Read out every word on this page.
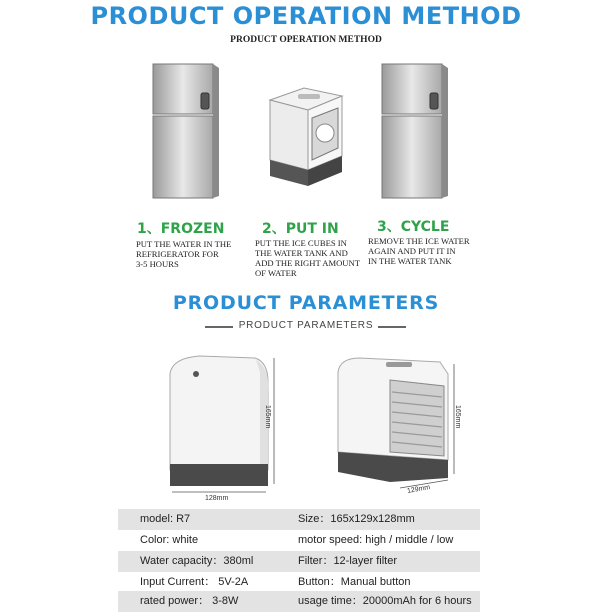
PRODUCT OPERATION METHOD
PRODUCT OPERATION METHOD
1、FROZEN
PUT THE WATER IN THE
REFRIGERATOR FOR
3-5 HOURS
2、PUT IN
PUT THE ICE CUBES IN
THE WATER TANK AND
ADD THE RIGHT AMOUNT
OF WATER
3、CYCLE
REMOVE THE ICE WATER
AGAIN AND PUT IT IN
IN THE WATER TANK
PRODUCT PARAMETERS
PRODUCT PARAMETERS
165mm
128mm
165mm
129mm
model: R7	Size：165x129x128mm
Color: white	motor speed: high / middle / low
Water capacity：380ml	Filter：12-layer filter
Input Current： 5V-2A	Button：Manual button
rated power： 3-8W	usage time：20000mAh for 6 hours
